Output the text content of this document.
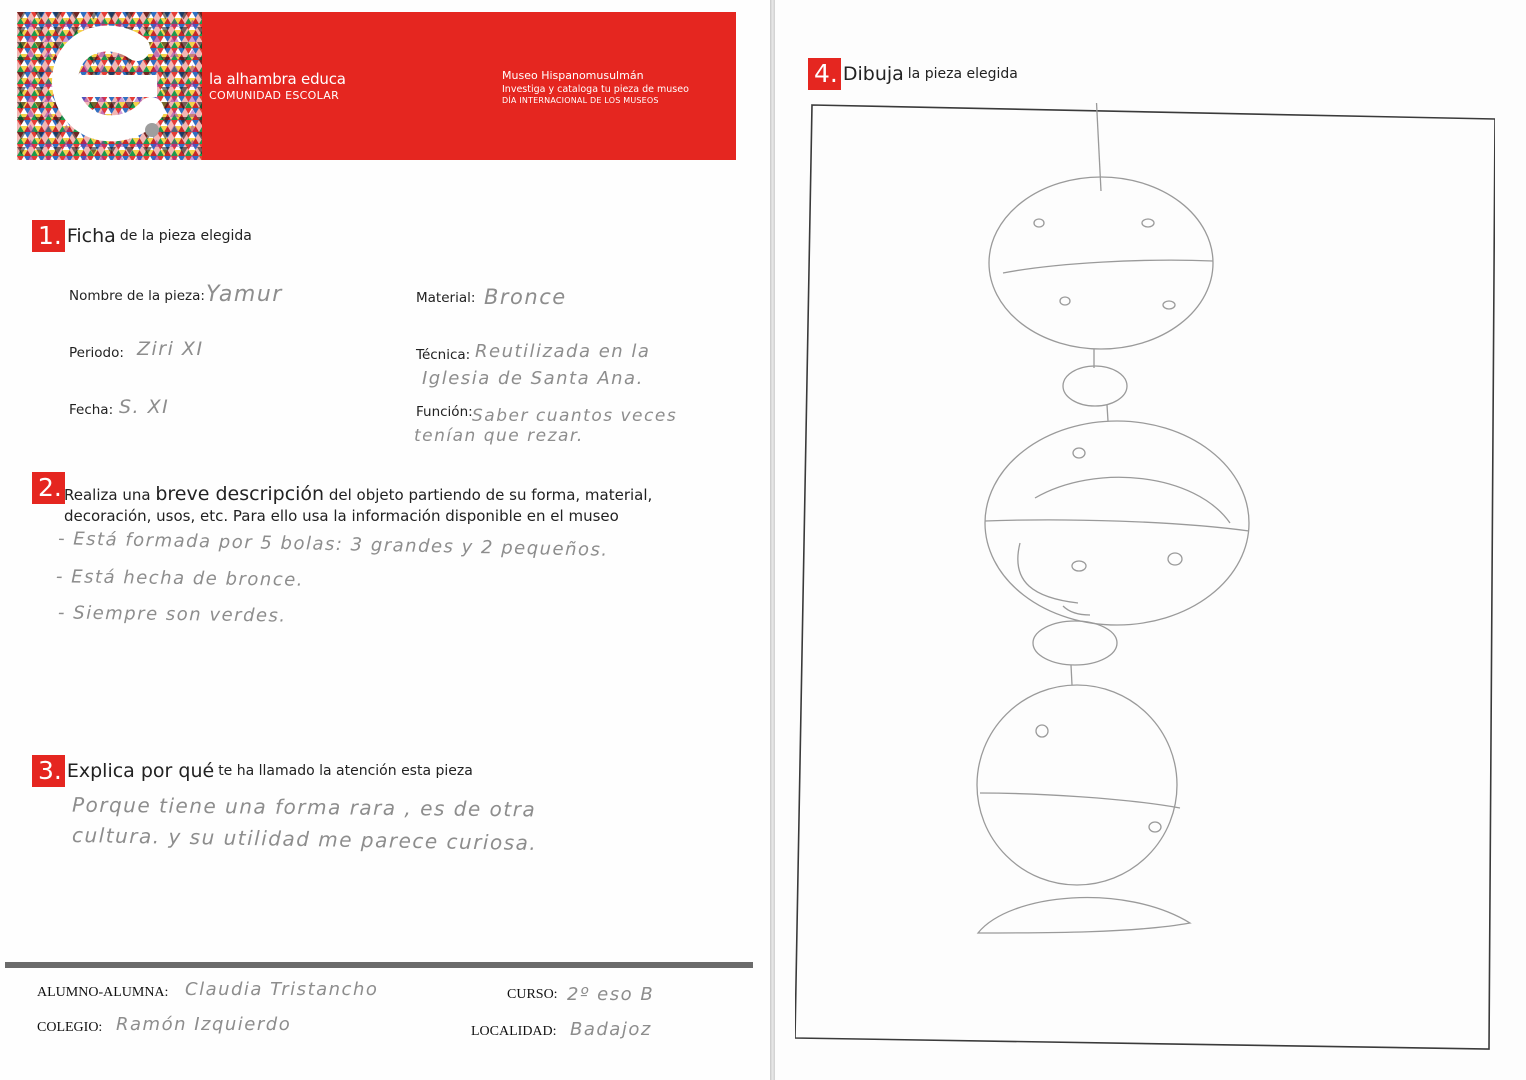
la alhambra educa
COMUNIDAD ESCOLAR
Museo Hispanomusulmán
Investiga y cataloga tu pieza de museo
DÍA INTERNACIONAL DE LOS MUSEOS
1. Ficha de la pieza elegida
Nombre de la pieza: Yamur
Periodo: Ziri XI
Fecha: S. XI
Material: Bronce
Técnica: Reutilizada en la
Iglesia de Santa Ana.
Función: Saber cuantos veces
tenían que rezar.
2. Realiza una breve descripción del objeto partiendo de su forma, material,
decoración, usos, etc. Para ello usa la información disponible en el museo
- Está formada por 5 bolas: 3 grandes y 2 pequeños.
- Está hecha de bronce.
- Siempre son verdes.
3. Explica por qué te ha llamado la atención esta pieza
Porque tiene una forma rara , es de otra
cultura. y su utilidad me parece curiosa.
ALUMNO-ALUMNA: Claudia Tristancho	CURSO: 2º eso B
COLEGIO: Ramón Izquierdo	LOCALIDAD: Badajoz
4. Dibuja la pieza elegida
